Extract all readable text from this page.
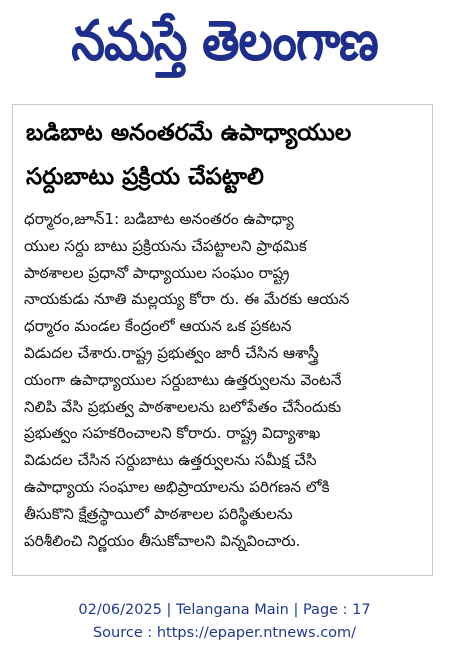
నమస్తే తెలంగాణ
బడిబాట అనంతరమే ఉపాధ్యాయుల
సర్దుబాటు ప్రక్రియ చేపట్టాలి
ధర్మారం,జూన్1: బడిబాట అనంతరం ఉపాధ్యా
యుల సర్దు బాటు ప్రక్రియను చేపట్టాలని ప్రాథమిక
పాఠశాలల ప్రధానో పాధ్యాయుల సంఘం రాష్ట్ర
నాయకుడు నూతి మల్లయ్య కోరా రు. ఈ మేరకు ఆయన
ధర్మారం మండల కేంద్రంలో ఆయన ఒక ప్రకటన
విడుదల చేశారు.రాష్ట్ర ప్రభుత్వం జారీ చేసిన ఆశాస్త్రీ
యంగా ఉపాధ్యాయుల సర్దుబాటు ఉత్తర్వులను వెంటనే
నిలిపి వేసి ప్రభుత్వ పాఠశాలలను బలోపేతం చేసేందుకు
ప్రభుత్వం సహకరించాలని కోరారు. రాష్ట్ర విద్యాశాఖ
విడుదల చేసిన సర్దుబాటు ఉత్తర్వులను సమీక్ష చేసి
ఉపాధ్యాయ సంఘాల అభిప్రాయాలను పరిగణన లోకి
తీసుకొని క్షేత్రస్థాయిలో పాఠశాలల పరిస్థితులను
పరిశీలించి నిర్ణయం తీసుకోవాలని విన్నవించారు.
02/06/2025 | Telangana Main | Page : 17
Source : https://epaper.ntnews.com/
